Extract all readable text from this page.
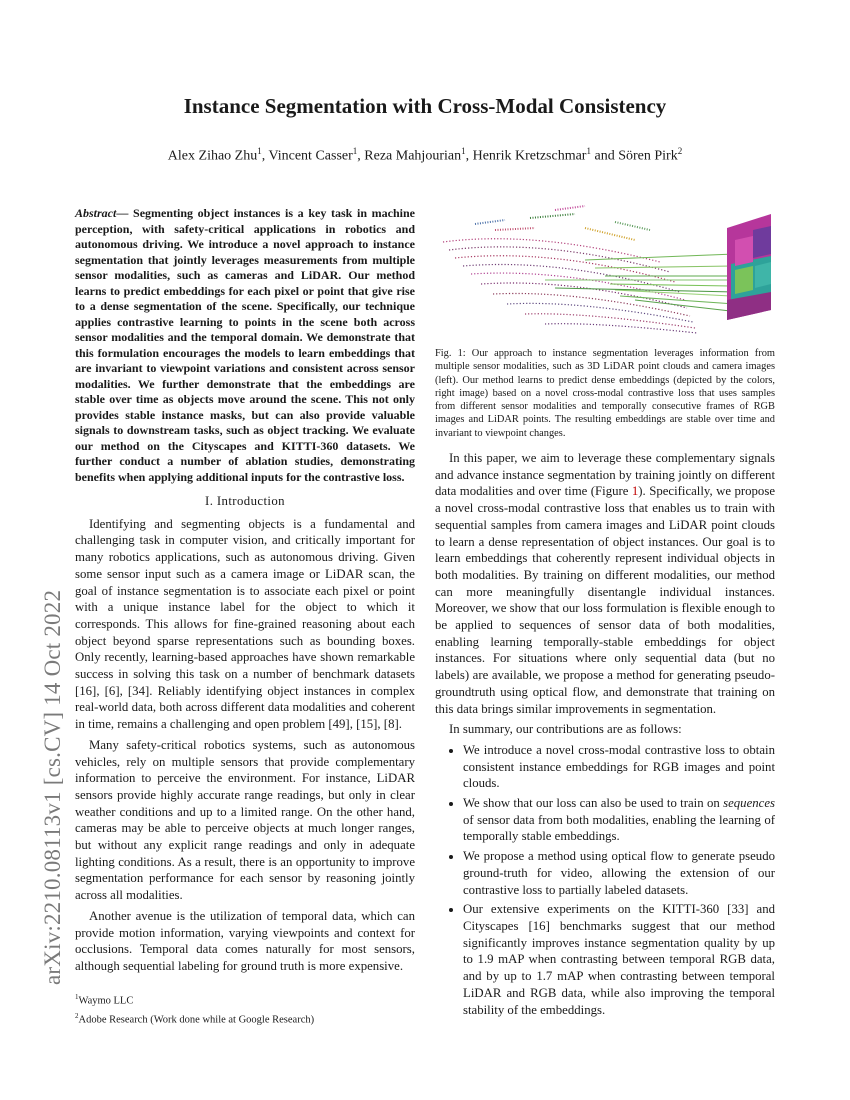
arXiv:2210.08113v1 [cs.CV] 14 Oct 2022
Instance Segmentation with Cross-Modal Consistency
Alex Zihao Zhu$^1$, Vincent Casser$^1$, Reza Mahjourian$^1$, Henrik Kretzschmar$^1$ and Sören Pirk$^2$

Abstract— Segmenting object instances is a key task in machine perception, with safety-critical applications in robotics and autonomous driving. We introduce a novel approach to instance segmentation that jointly leverages measurements from multiple sensor modalities, such as cameras and LiDAR. Our method learns to predict embeddings for each pixel or point that give rise to a dense segmentation of the scene. Specifically, our technique applies contrastive learning to points in the scene both across sensor modalities and the temporal domain. We demonstrate that this formulation encourages the models to learn embeddings that are invariant to viewpoint variations and consistent across sensor modalities. We further demonstrate that the embeddings are stable over time as objects move around the scene. This not only provides stable instance masks, but can also provide valuable signals to downstream tasks, such as object tracking. We evaluate our method on the Cityscapes and KITTI-360 datasets. We further conduct a number of ablation studies, demonstrating benefits when applying additional inputs for the contrastive loss.

I. Introduction

Identifying and segmenting objects is a fundamental and challenging task in computer vision, and critically important for many robotics applications, such as autonomous driving. Given some sensor input such as a camera image or LiDAR scan, the goal of instance segmentation is to associate each pixel or point with a unique instance label for the object to which it corresponds. This allows for fine-grained reasoning about each object beyond sparse representations such as bounding boxes. Only recently, learning-based approaches have shown remarkable success in solving this task on a number of benchmark datasets [16], [6], [34]. Reliably identifying object instances in complex real-world data, both across different data modalities and coherent in time, remains a challenging and open problem [49], [15], [8].

Many safety-critical robotics systems, such as autonomous vehicles, rely on multiple sensors that provide complementary information to perceive the environment. For instance, LiDAR sensors provide highly accurate range readings, but only in clear weather conditions and up to a limited range. On the other hand, cameras may be able to perceive objects at much longer ranges, but without any explicit range readings and only in adequate lighting conditions. As a result, there is an opportunity to improve segmentation performance for each sensor by reasoning jointly across all modalities.

Another avenue is the utilization of temporal data, which can provide motion information, varying viewpoints and context for occlusions. Temporal data comes naturally for most sensors, although sequential labeling for ground truth is more expensive.

$^1$Waymo LLC
$^2$Adobe Research (Work done while at Google Research)
Fig. 1: Our approach to instance segmentation leverages information from multiple sensor modalities, such as 3D LiDAR point clouds and camera images (left). Our method learns to predict dense embeddings (depicted by the colors, right image) based on a novel cross-modal contrastive loss that uses samples from different sensor modalities and temporally consecutive frames of RGB images and LiDAR points. The resulting embeddings are stable over time and invariant to viewpoint changes.

In this paper, we aim to leverage these complementary signals and advance instance segmentation by training jointly on different data modalities and over time (Figure 1). Specifically, we propose a novel cross-modal contrastive loss that enables us to train with sequential samples from camera images and LiDAR point clouds to learn a dense representation of object instances. Our goal is to learn embeddings that coherently represent individual objects in both modalities. By training on different modalities, our method can more meaningfully disentangle individual instances. Moreover, we show that our loss formulation is flexible enough to be applied to sequences of sensor data of both modalities, enabling learning temporally-stable embeddings for object instances. For situations where only sequential data (but no labels) are available, we propose a method for generating pseudo-groundtruth using optical flow, and demonstrate that training on this data brings similar improvements in segmentation.

In summary, our contributions are as follows:

• We introduce a novel cross-modal contrastive loss to obtain consistent instance embeddings for RGB images and point clouds.
• We show that our loss can also be used to train on sequences of sensor data from both modalities, enabling the learning of temporally stable embeddings.
• We propose a method using optical flow to generate pseudo ground-truth for video, allowing the extension of our contrastive loss to partially labeled datasets.
• Our extensive experiments on the KITTI-360 [33] and Cityscapes [16] benchmarks suggest that our method significantly improves instance segmentation quality by up to 1.9 mAP when contrasting between temporal RGB data, and by up to 1.7 mAP when contrasting between temporal LiDAR and RGB data, while also improving the temporal stability of the embeddings.
